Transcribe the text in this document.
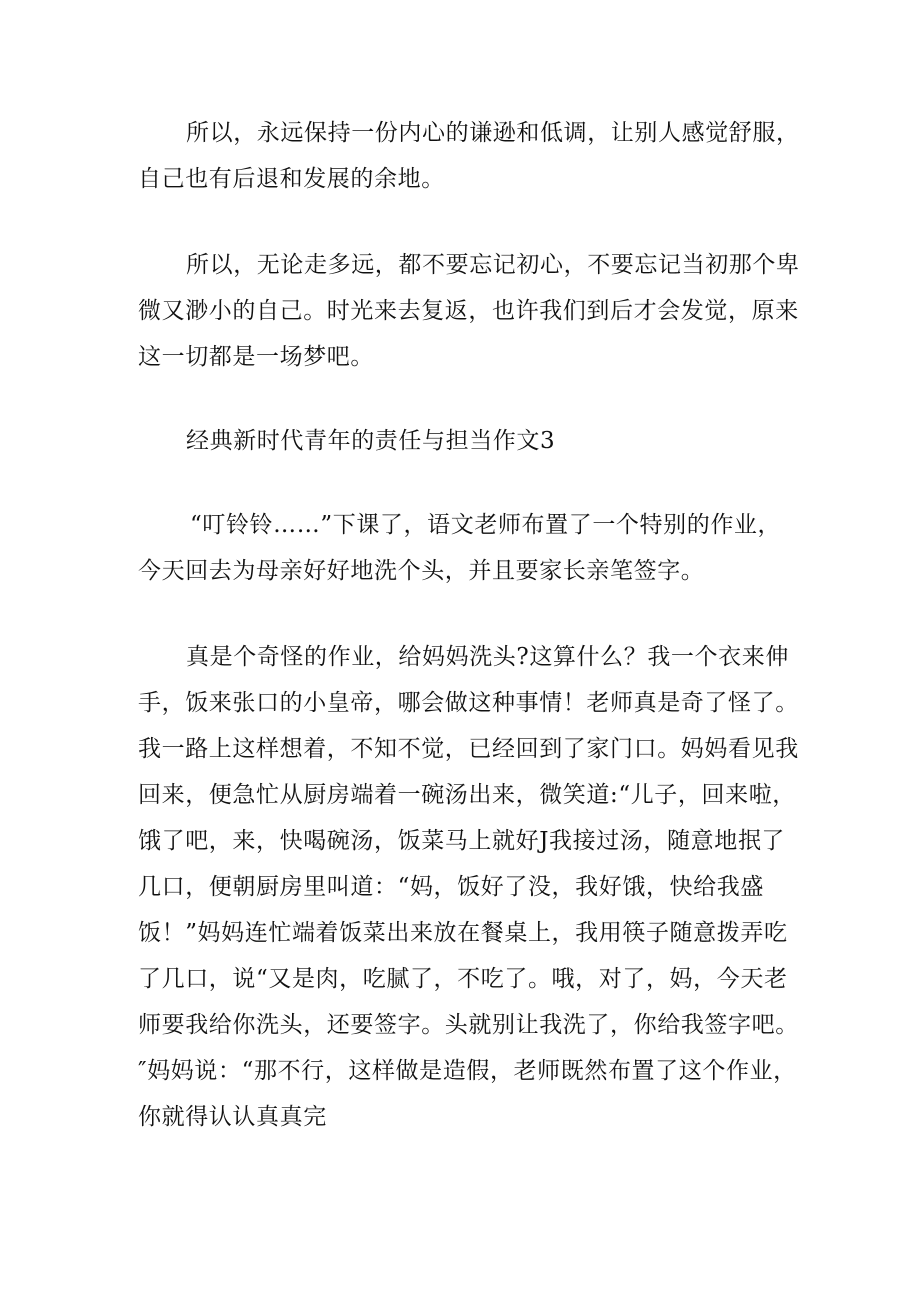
所以，永远保持一份内心的谦逊和低调，让别人感觉舒服，
自己也有后退和发展的余地。
所以，无论走多远，都不要忘记初心，不要忘记当初那个卑
微又渺小的自己。时光来去复返，也许我们到后才会发觉，原来
这一切都是一场梦吧。
经典新时代青年的责任与担当作文3
“叮铃铃……”下课了，语文老师布置了一个特别的作业，
今天回去为母亲好好地洗个头，并且要家长亲笔签字。
真是个奇怪的作业，给妈妈洗头?这算什么？我一个衣来伸
手，饭来张口的小皇帝，哪会做这种事情！老师真是奇了怪了。
我一路上这样想着，不知不觉，已经回到了家门口。妈妈看见我
回来，便急忙从厨房端着一碗汤出来，微笑道:“儿子，回来啦，
饿了吧，来，快喝碗汤，饭菜马上就好J我接过汤，随意地抿了
几口，便朝厨房里叫道：“妈，饭好了没，我好饿，快给我盛
饭！”妈妈连忙端着饭菜出来放在餐桌上，我用筷子随意拨弄吃
了几口，说“又是肉，吃腻了，不吃了。哦，对了，妈，今天老
师要我给你洗头，还要签字。头就别让我洗了，你给我签字吧。
″妈妈说：“那不行，这样做是造假，老师既然布置了这个作业，
你就得认认真真完
